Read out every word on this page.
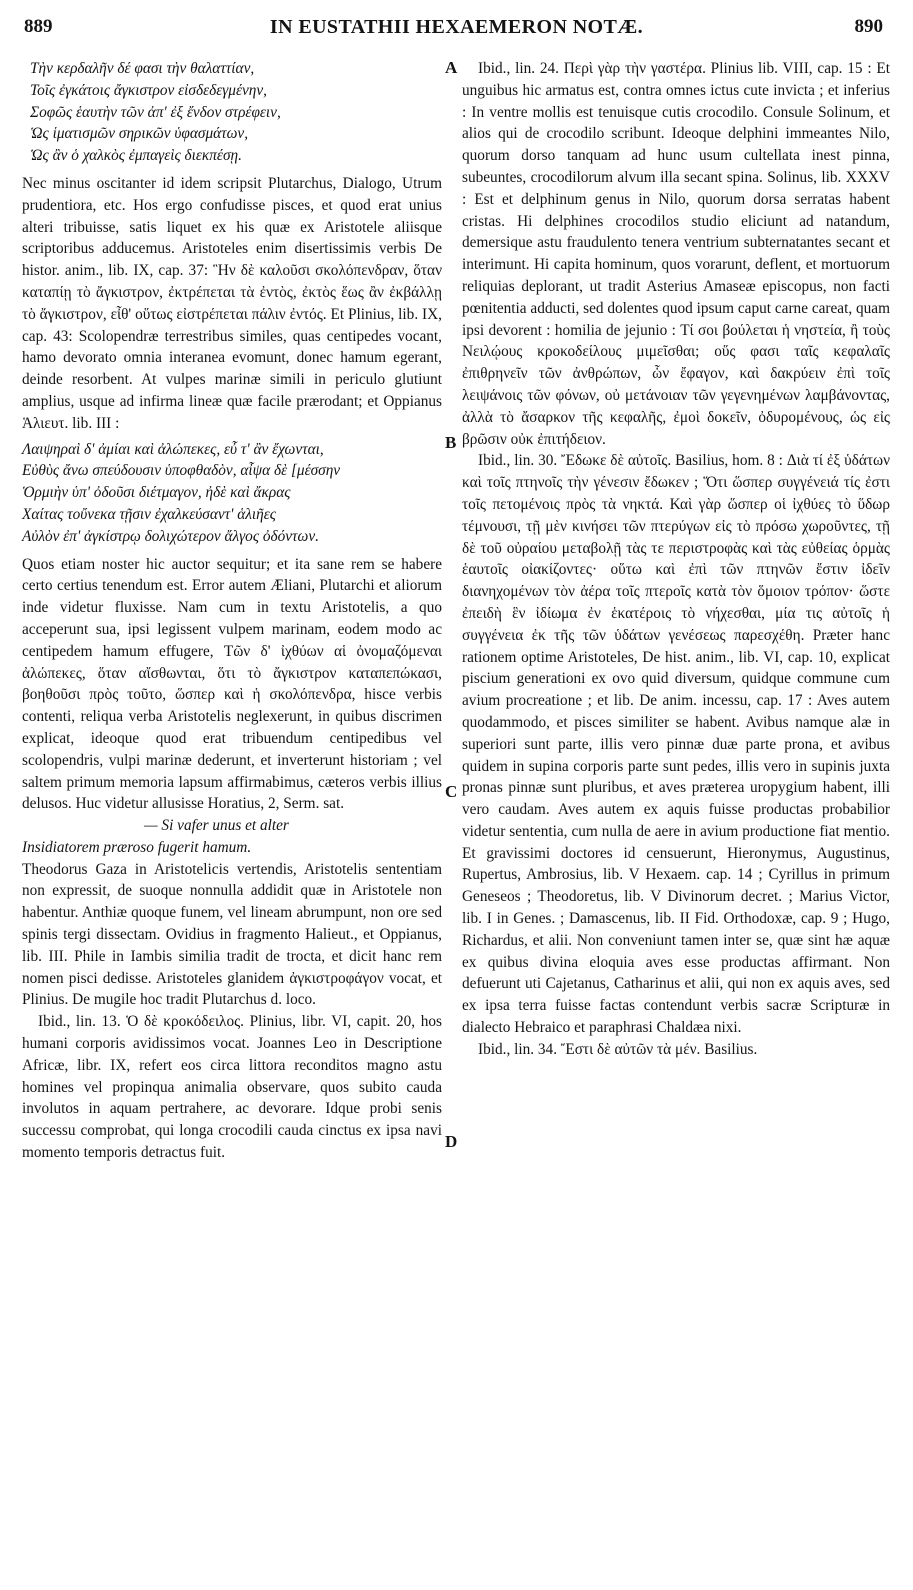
889	IN EUSTATHII HEXAEMERON NOTÆ.	890
A
B
C
D
Τὴν κερδαλῆν δέ φασι τὴν θαλαττίαν,
Τοῖς ἐγκάτοις ἄγκιστρον εἰσδεδεγμένην,
Σοφῶς ἑαυτὴν τῶν ἀπ' ἐξ ἔνδον στρέφειν,
Ὡς ἱματισμῶν σηρικῶν ὑφασμάτων,
Ὡς ἂν ὁ χαλκὸς ἐμπαγεὶς διεκπέσῃ.

Nec minus oscitanter id idem scripsit Plutarchus, Dialogo, Utrum prudentiora, etc. Hos ergo confudisse pisces, et quod erat unius alteri tribuisse, satis liquet ex his quæ ex Aristotele aliisque scriptoribus adducemus. Aristoteles enim disertissimis verbis De histor. anim., lib. IX, cap. 37: Ἣν δὲ καλοῦσι σκολόπενδραν, ὅταν καταπίῃ τὸ ἄγκιστρον, ἐκτρέπεται τὰ ἐντὸς, ἐκτὸς ἕως ἂν ἐκβάλλῃ τὸ ἄγκιστρον, εἶθ' οὕτως εἰστρέπεται πάλιν ἐντός. Et Plinius, lib. IX, cap. 43: Scolopendræ terrestribus similes, quas centipedes vocant, hamo devorato omnia interanea evomunt, donec hamum egerant, deinde resorbent. At vulpes marinæ simili in periculo glutiunt amplius, usque ad infirma lineæ quæ facile prærodant; et Oppianus Ἁλιευτ. lib. III :

Λαιψηραὶ δ' ἀμίαι καὶ ἀλώπεκες, εὖ τ' ἂν ἔχωνται,
Εὐθὺς ἄνω σπεύδουσιν ὑποφθαδὸν, αἶψα δὲ [μέσσην
Ὁρμιὴν ὑπ' ὀδοῦσι διέτμαγον, ἠδὲ καὶ ἄκρας
Χαίτας τοὔνεκα τῇσιν ἐχαλκεύσαντ' ἁλιῆες
Αὐλὸν ἐπ' ἀγκίστρῳ δολιχώτερον ἄλγος ὀδόντων.

Quos etiam noster hic auctor sequitur; et ita sane rem se habere certo certius tenendum est. Error autem Æliani, Plutarchi et aliorum inde videtur fluxisse. Nam cum in textu Aristotelis, a quo acceperunt sua, ipsi legissent vulpem marinam, eodem modo ac centipedem hamum effugere, Τῶν δ' ἰχθύων αἱ ὀνομαζόμεναι ἀλώπεκες, ὅταν αἴσθωνται, ὅτι τὸ ἄγκιστρον καταπεπώκασι, βοηθοῦσι πρὸς τοῦτο, ὥσπερ καὶ ἡ σκολόπενδρα, hisce verbis contenti, reliqua verba Aristotelis neglexerunt, in quibus discrimen explicat, ideoque quod erat tribuendum centipedibus vel scolopendris, vulpi marinæ dederunt, et inverterunt historiam ; vel saltem primum memoria lapsum affirmabimus, cæteros verbis illius delusos. Huc videtur allusisse Horatius, 2, Serm. sat.

— Si vafer unus et alter
Insidiatorem præroso fugerit hamum.

Theodorus Gaza in Aristotelicis vertendis, Aristotelis sententiam non expressit, de suoque nonnulla addidit quæ in Aristotele non habentur. Anthiæ quoque funem, vel lineam abrumpunt, non ore sed spinis tergi dissectam. Ovidius in fragmento Halieut., et Oppianus, lib. III. Phile in Iambis similia tradit de trocta, et dicit hanc rem nomen pisci dedisse. Aristoteles glanidem ἀγκιστροφάγον vocat, et Plinius. De mugile hoc tradit Plutarchus d. loco.

Ibid., lin. 13. Ὁ δὲ κροκόδειλος. Plinius, libr. VI, capit. 20, hos humani corporis avidissimos vocat. Joannes Leo in Descriptione Africæ, libr. IX, refert eos circa littora reconditos magno astu homines vel propinqua animalia observare, quos subito cauda involutos in aquam pertrahere, ac devorare. Idque probi senis successu comprobat, qui longa crocodili cauda cinctus ex ipsa navi momento temporis detractus fuit.

Ibid., lin. 24. Περὶ γὰρ τὴν γαστέρα. Plinius lib. VIII, cap. 15 : Et unguibus hic armatus est, contra omnes ictus cute invicta ; et inferius : In ventre mollis est tenuisque cutis crocodilo. Consule Solinum, et alios qui de crocodilo scribunt. Ideoque delphini immeantes Nilo, quorum dorso tanquam ad hunc usum cultellata inest pinna, subeuntes, crocodilorum alvum illa secant spina. Solinus, lib. XXXV : Est et delphinum genus in Nilo, quorum dorsa serratas habent cristas. Hi delphines crocodilos studio eliciunt ad natandum, demersique astu fraudulento tenera ventrium subternatantes secant et interimunt. Hi capita hominum, quos vorarunt, deflent, et mortuorum reliquias deplorant, ut tradit Asterius Amaseæ episcopus, non facti pœnitentia adducti, sed dolentes quod ipsum caput carne careat, quam ipsi devorent : homilia de jejunio : Τί σοι βούλεται ἡ νηστεία, ἢ τοὺς Νειλῴους κροκοδείλους μιμεῖσθαι; οὕς φασι ταῖς κεφαλαῖς ἐπιθρηνεῖν τῶν ἀνθρώπων, ὧν ἔφαγον, καὶ δακρύειν ἐπὶ τοῖς λειψάνοις τῶν φόνων, οὐ μετάνοιαν τῶν γεγενημένων λαμβάνοντας, ἀλλὰ τὸ ἄσαρκον τῆς κεφαλῆς, ἐμοὶ δοκεῖν, ὀδυρομένους, ὡς εἰς βρῶσιν οὐκ ἐπιτήδειον.

Ibid., lin. 30. Ἔδωκε δὲ αὐτοῖς. Basilius, hom. 8 : Διὰ τί ἐξ ὑδάτων καὶ τοῖς πτηνοῖς τὴν γένεσιν ἔδωκεν ; Ὅτι ὥσπερ συγγένειά τίς ἐστι τοῖς πετομένοις πρὸς τὰ νηκτά. Καὶ γὰρ ὥσπερ οἱ ἰχθύες τὸ ὕδωρ τέμνουσι, τῇ μὲν κινήσει τῶν πτερύγων εἰς τὸ πρόσω χωροῦντες, τῇ δὲ τοῦ οὐραίου μεταβολῇ τὰς τε περιστροφὰς καὶ τὰς εὐθείας ὁρμὰς ἑαυτοῖς οἰακίζοντες· οὕτω καὶ ἐπὶ τῶν πτηνῶν ἔστιν ἰδεῖν διανηχομένων τὸν ἀέρα τοῖς πτεροῖς κατὰ τὸν ὅμοιον τρόπον· ὥστε ἐπειδὴ ἓν ἰδίωμα ἐν ἑκατέροις τὸ νήχεσθαι, μία τις αὐτοῖς ἡ συγγένεια ἐκ τῆς τῶν ὑδάτων γενέσεως παρεσχέθη. Præter hanc rationem optime Aristoteles, De hist. anim., lib. VI, cap. 10, explicat piscium generationi ex ovo quid diversum, quidque commune cum avium procreatione ; et lib. De anim. incessu, cap. 17 : Aves autem quodammodo, et pisces similiter se habent. Avibus namque alæ in superiori sunt parte, illis vero pinnæ duæ parte prona, et avibus quidem in supina corporis parte sunt pedes, illis vero in supinis juxta pronas pinnæ sunt pluribus, et aves præterea uropygium habent, illi vero caudam. Aves autem ex aquis fuisse productas probabilior videtur sententia, cum nulla de aere in avium productione fiat mentio. Et gravissimi doctores id censuerunt, Hieronymus, Augustinus, Rupertus, Ambrosius, lib. V Hexaem. cap. 14 ; Cyrillus in primum Geneseos ; Theodoretus, lib. V Divinorum decret. ; Marius Victor, lib. I in Genes. ; Damascenus, lib. II Fid. Orthodoxæ, cap. 9 ; Hugo, Richardus, et alii. Non conveniunt tamen inter se, quæ sint hæ aquæ ex quibus divina eloquia aves esse productas affirmant. Non defuerunt uti Cajetanus, Catharinus et alii, qui non ex aquis aves, sed ex ipsa terra fuisse factas contendunt verbis sacræ Scripturæ in dialecto Hebraico et paraphrasi Chaldæa nixi.

Ibid., lin. 34. Ἔστι δὲ αὐτῶν τὰ μέν. Basilius.
